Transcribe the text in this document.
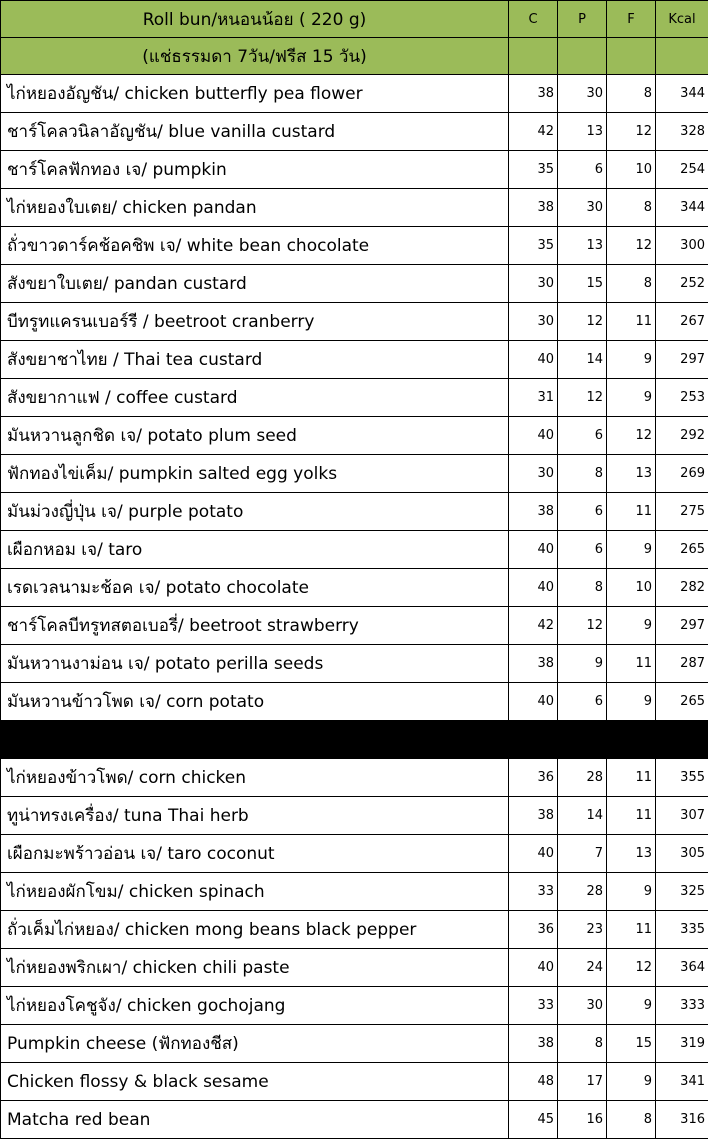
Roll bun/หนอนน้อย ( 220 g)	C	P	F	Kcal
(แช่ธรรมดา 7วัน/ฟรีส 15 วัน)				
ไก่หยองอัญชัน/ chicken butterfly pea flower	38	30	8	344
ชาร์โคลวนิลาอัญชัน/ blue vanilla custard	42	13	12	328
ชาร์โคลฟักทอง เจ/ pumpkin	35	6	10	254
ไก่หยองใบเตย/ chicken pandan	38	30	8	344
ถั่วขาวดาร์คช้อคชิพ เจ/ white bean chocolate	35	13	12	300
สังขยาใบเตย/ pandan custard	30	15	8	252
บีทรูทแครนเบอร์รี / beetroot cranberry	30	12	11	267
สังขยาชาไทย / Thai tea custard	40	14	9	297
สังขยากาแฟ / coffee custard	31	12	9	253
มันหวานลูกชิด เจ/ potato plum seed	40	6	12	292
ฟักทองไข่เค็ม/ pumpkin salted egg yolks	30	8	13	269
มันม่วงญี่ปุ่น เจ/ purple potato	38	6	11	275
เผือกหอม เจ/ taro	40	6	9	265
เรดเวลนามะช้อค เจ/ potato chocolate	40	8	10	282
ชาร์โคลบีทรูทสตอเบอรี่/ beetroot strawberry	42	12	9	297
มันหวานงาม่อน เจ/ potato perilla seeds	38	9	11	287
มันหวานข้าวโพด เจ/ corn potato	40	6	9	265

ไก่หยองข้าวโพด/ corn chicken	36	28	11	355
ทูน่าทรงเครื่อง/ tuna Thai herb	38	14	11	307
เผือกมะพร้าวอ่อน เจ/ taro coconut	40	7	13	305
ไก่หยองผักโขม/ chicken spinach	33	28	9	325
ถั่วเค็มไก่หยอง/ chicken mong beans black pepper	36	23	11	335
ไก่หยองพริกเผา/ chicken chili paste	40	24	12	364
ไก่หยองโคชูจัง/ chicken gochojang	33	30	9	333
Pumpkin cheese (ฟักทองชีส)	38	8	15	319
Chicken flossy & black sesame	48	17	9	341
Matcha red bean	45	16	8	316
